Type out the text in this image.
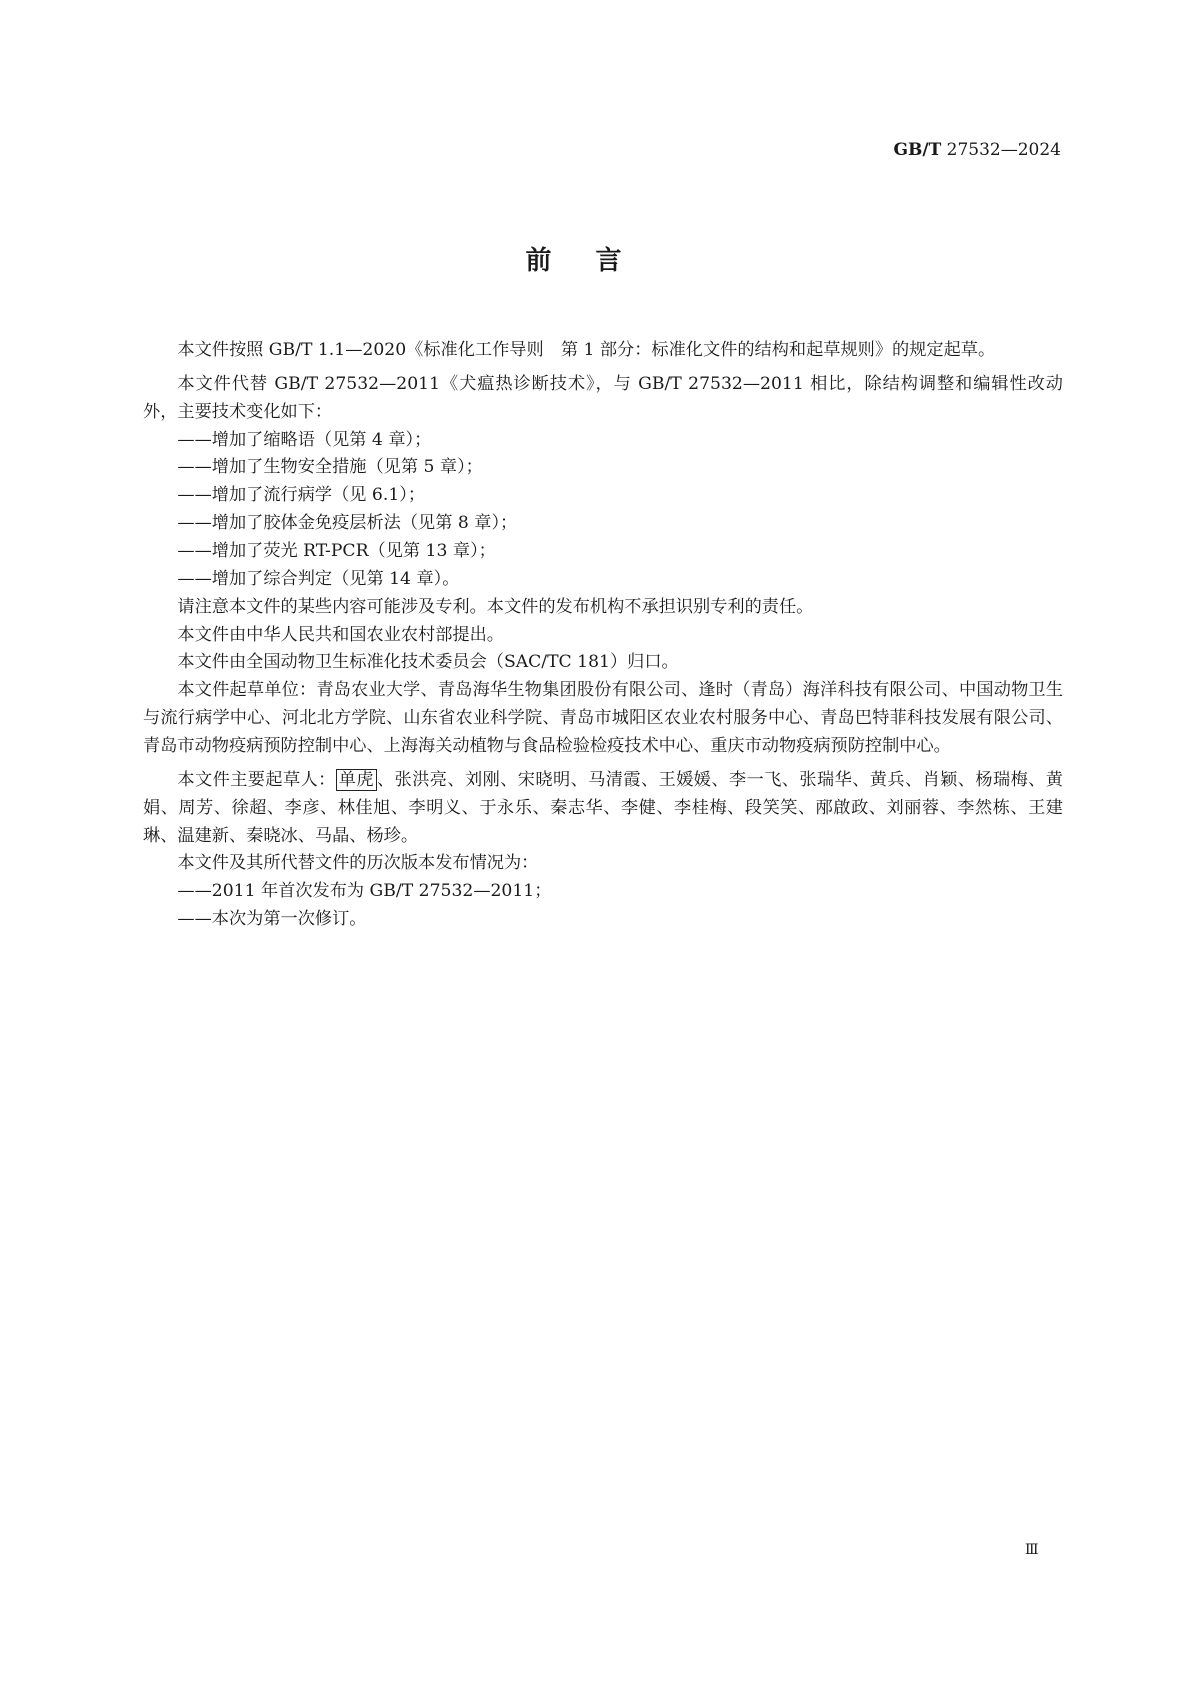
GB/T 27532—2024
前言

本文件按照 GB/T 1.1—2020《标准化工作导则　第 1 部分：标准化文件的结构和起草规则》的规定起草。

本文件代替 GB/T 27532—2011《犬瘟热诊断技术》，与 GB/T 27532—2011 相比，除结构调整和编辑性改动外，主要技术变化如下：

——增加了缩略语（见第 4 章）；

——增加了生物安全措施（见第 5 章）；

——增加了流行病学（见 6.1）；

——增加了胶体金免疫层析法（见第 8 章）；

——增加了荧光 RT-PCR（见第 13 章）；

——增加了综合判定（见第 14 章）。

请注意本文件的某些内容可能涉及专利。本文件的发布机构不承担识别专利的责任。

本文件由中华人民共和国农业农村部提出。

本文件由全国动物卫生标准化技术委员会（SAC/TC 181）归口。

本文件起草单位：青岛农业大学、青岛海华生物集团股份有限公司、逢时（青岛）海洋科技有限公司、中国动物卫生与流行病学中心、河北北方学院、山东省农业科学院、青岛市城阳区农业农村服务中心、青岛巴特菲科技发展有限公司、青岛市动物疫病预防控制中心、上海海关动植物与食品检验检疫技术中心、重庆市动物疫病预防控制中心。

本文件主要起草人： 单虎 、张洪亮、刘刚、宋晓明、马清霞、王媛媛、李一飞、张瑞华、黄兵、肖颖、杨瑞梅、黄娟、周芳、徐超、李彦、林佳旭、李明义、于永乐、秦志华、李健、李桂梅、段笑笑、邴啟政、刘丽蓉、李然栋、王建琳、温建新、秦晓冰、马晶、杨珍。

本文件及其所代替文件的历次版本发布情况为：

——2011 年首次发布为 GB/T 27532—2011；

——本次为第一次修订。

Ⅲ
